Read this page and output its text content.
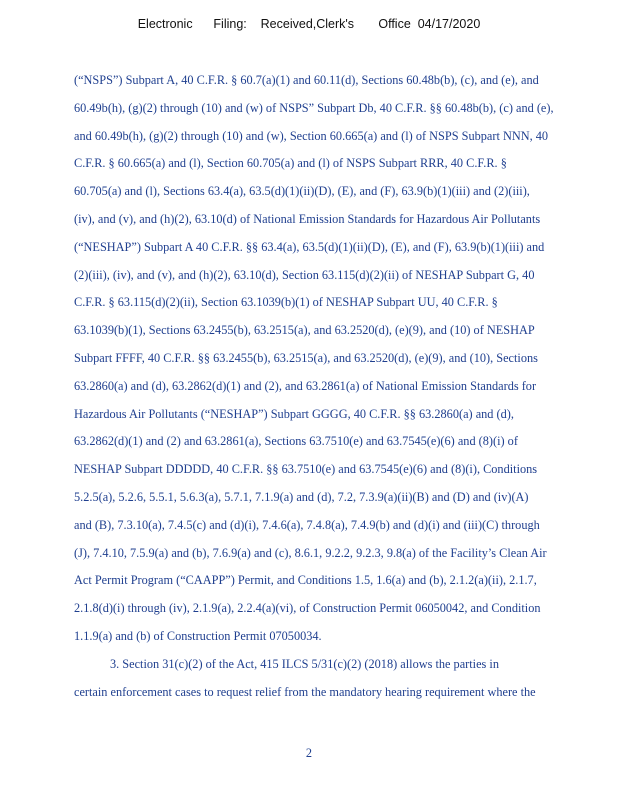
Electronic      Filing:    Received,Clerk's       Office  04/17/2020
(“NSPS”) Subpart A, 40 C.F.R. § 60.7(a)(1) and 60.11(d), Sections 60.48b(b), (c), and (e), and
60.49b(h), (g)(2) through (10) and (w) of NSPS” Subpart Db, 40 C.F.R. §§ 60.48b(b), (c) and (e),
and 60.49b(h), (g)(2) through (10) and (w), Section 60.665(a) and (l) of NSPS Subpart NNN, 40
C.F.R. § 60.665(a) and (l), Section 60.705(a) and (l) of NSPS Subpart RRR, 40 C.F.R. §
60.705(a) and (l), Sections 63.4(a), 63.5(d)(1)(ii)(D), (E), and (F), 63.9(b)(1)(iii) and (2)(iii),
(iv), and (v), and (h)(2), 63.10(d) of National Emission Standards for Hazardous Air Pollutants
(“NESHAP”) Subpart A 40 C.F.R. §§ 63.4(a), 63.5(d)(1)(ii)(D), (E), and (F), 63.9(b)(1)(iii) and
(2)(iii), (iv), and (v), and (h)(2), 63.10(d), Section 63.115(d)(2)(ii) of NESHAP Subpart G, 40
C.F.R. § 63.115(d)(2)(ii), Section 63.1039(b)(1) of NESHAP Subpart UU, 40 C.F.R. §
63.1039(b)(1), Sections 63.2455(b), 63.2515(a), and 63.2520(d), (e)(9), and (10) of NESHAP
Subpart FFFF, 40 C.F.R. §§ 63.2455(b), 63.2515(a), and 63.2520(d), (e)(9), and (10), Sections
63.2860(a) and (d), 63.2862(d)(1) and (2), and 63.2861(a) of National Emission Standards for
Hazardous Air Pollutants (“NESHAP”) Subpart GGGG, 40 C.F.R. §§ 63.2860(a) and (d),
63.2862(d)(1) and (2) and 63.2861(a), Sections 63.7510(e) and 63.7545(e)(6) and (8)(i) of
NESHAP Subpart DDDDD, 40 C.F.R. §§ 63.7510(e) and 63.7545(e)(6) and (8)(i), Conditions
5.2.5(a), 5.2.6, 5.5.1, 5.6.3(a), 5.7.1, 7.1.9(a) and (d), 7.2, 7.3.9(a)(ii)(B) and (D) and (iv)(A)
and (B), 7.3.10(a), 7.4.5(c) and (d)(i), 7.4.6(a), 7.4.8(a), 7.4.9(b) and (d)(i) and (iii)(C) through
(J), 7.4.10, 7.5.9(a) and (b), 7.6.9(a) and (c), 8.6.1, 9.2.2, 9.2.3, 9.8(a) of the Facility’s Clean Air
Act Permit Program (“CAAPP”) Permit, and Conditions 1.5, 1.6(a) and (b), 2.1.2(a)(ii), 2.1.7,
2.1.8(d)(i) through (iv), 2.1.9(a), 2.2.4(a)(vi), of Construction Permit 06050042, and Condition
1.1.9(a) and (b) of Construction Permit 07050034.
3. Section 31(c)(2) of the Act, 415 ILCS 5/31(c)(2) (2018) allows the parties in
certain enforcement cases to request relief from the mandatory hearing requirement where the
2
